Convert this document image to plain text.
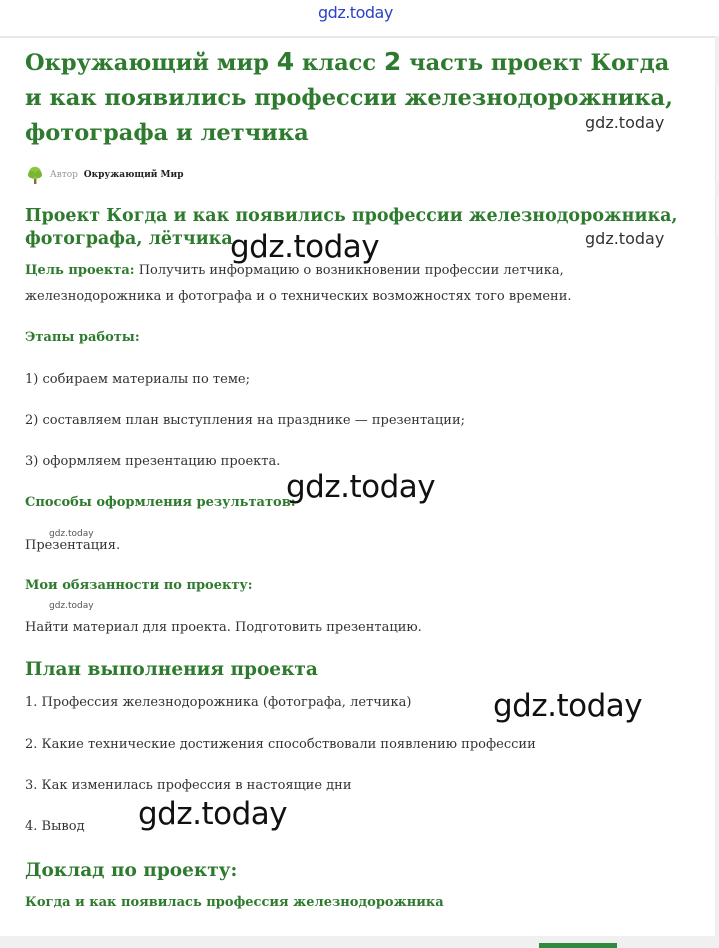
gdz.today
Окружающий мир 4 класс 2 часть проект Когда и как появились профессии железнодорожника, фотографа и летчика
Автор Окружающий Мир
Проект Когда и как появились профессии железнодорожника, фотографа, лётчика
Цель проекта: Получить информацию о возникновении профессии летчика,
железнодорожника и фотографа и о технических возможностях того времени.
Этапы работы:
1) собираем материалы по теме;
2) составляем план выступления на празднике — презентации;
3) оформляем презентацию проекта.
Способы оформления результатов:
Презентация.
Мои обязанности по проекту:
Найти материал для проекта. Подготовить презентацию.
План выполнения проекта
1. Профессия железнодорожника (фотографа, летчика)
2. Какие технические достижения способствовали появлению профессии
3. Как изменилась профессия в настоящие дни
4. Вывод
Доклад по проекту:
Когда и как появилась профессия железнодорожника
gdz.today
gdz.today
gdz.today
gdz.today
gdz.today
gdz.today
gdz.today
gdz.today
